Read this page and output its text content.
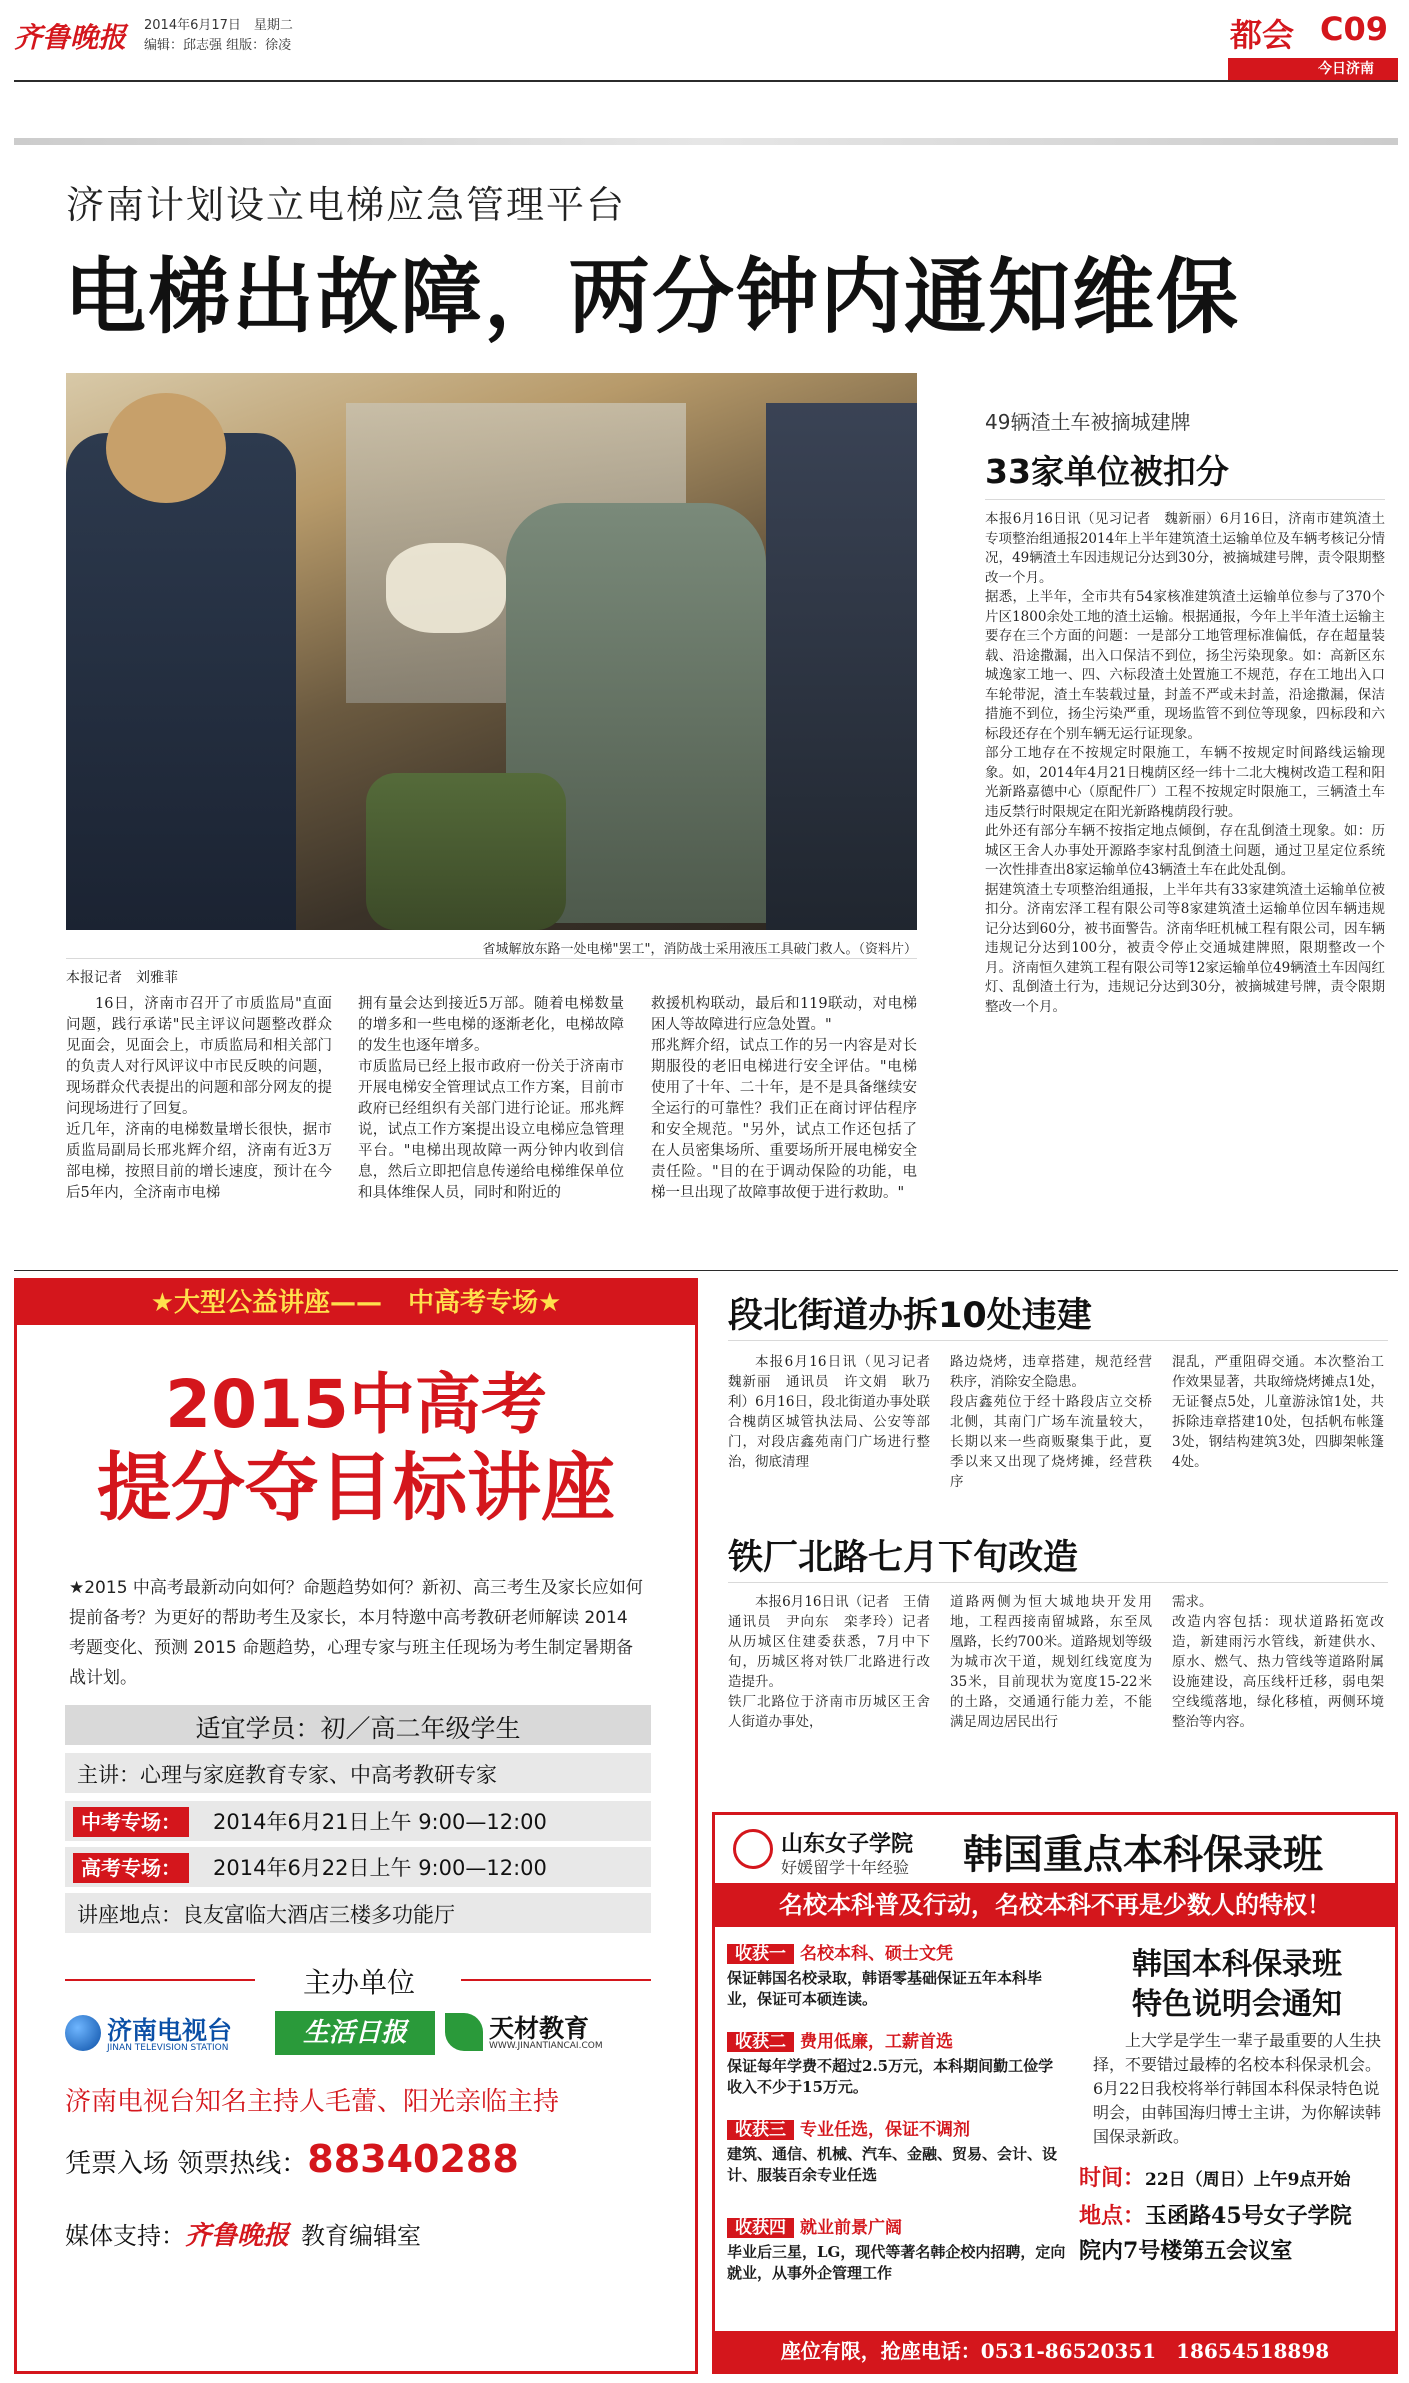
齐鲁晚报 2014年6月17日　 星期二
编辑：邱志强 组版：徐凌	都会 C09
今日济南
济南计划设立电梯应急管理平台
电梯出故障，两分钟内通知维保
省城解放东路一处电梯"罢工"，消防战士采用液压工具破门救人。（资料片）
本报记者　刘雅菲
16日，济南市召开了市质监局"直面问题，践行承诺"民主评议问题整改群众见面会，见面会上，市质监局和相关部门的负责人对行风评议中市民反映的问题，现场群众代表提出的问题和部分网友的提问现场进行了回复。
近几年，济南的电梯数量增长很快，据市质监局副局长邢兆辉介绍，济南有近3万部电梯，按照目前的增长速度，预计在今后5年内，全济南市电梯
拥有量会达到接近5万部。随着电梯数量的增多和一些电梯的逐渐老化，电梯故障的发生也逐年增多。
市质监局已经上报市政府一份关于济南市开展电梯安全管理试点工作方案，目前市政府已经组织有关部门进行论证。邢兆辉说，试点工作方案提出设立电梯应急管理平台。"电梯出现故障一两分钟内收到信息，然后立即把信息传递给电梯维保单位和具体维保人员，同时和附近的
救援机构联动，最后和119联动，对电梯困人等故障进行应急处置。"
邢兆辉介绍，试点工作的另一内容是对长期服役的老旧电梯进行安全评估。"电梯使用了十年、二十年，是不是具备继续安全运行的可靠性？我们正在商讨评估程序和安全规范。"另外，试点工作还包括了在人员密集场所、重要场所开展电梯安全责任险。"目的在于调动保险的功能，电梯一旦出现了故障事故便于进行救助。"
49辆渣土车被摘城建牌
33家单位被扣分
本报6月16日讯（见习记者　魏新丽）6月16日，济南市建筑渣土专项整治组通报2014年上半年建筑渣土运输单位及车辆考核记分情况，49辆渣土车因违规记分达到30分，被摘城建号牌，责令限期整改一个月。
据悉，上半年，全市共有54家核准建筑渣土运输单位参与了370个片区1800余处工地的渣土运输。根据通报，今年上半年渣土运输主要存在三个方面的问题：一是部分工地管理标准偏低，存在超量装载、沿途撒漏，出入口保洁不到位，扬尘污染现象。如：高新区东城逸家工地一、四、六标段渣土处置施工不规范，存在工地出入口车轮带泥，渣土车装载过量，封盖不严或未封盖，沿途撒漏，保洁措施不到位，扬尘污染严重，现场监管不到位等现象，四标段和六标段还存在个别车辆无运行证现象。
部分工地存在不按规定时限施工，车辆不按规定时间路线运输现象。如，2014年4月21日槐荫区经一纬十二北大槐树改造工程和阳光新路嘉德中心（原配件厂）工程不按规定时限施工，三辆渣土车违反禁行时限规定在阳光新路槐荫段行驶。
此外还有部分车辆不按指定地点倾倒，存在乱倒渣土现象。如：历城区王舍人办事处开源路李家村乱倒渣土问题，通过卫星定位系统一次性排查出8家运输单位43辆渣土车在此处乱倒。
据建筑渣土专项整治组通报，上半年共有33家建筑渣土运输单位被扣分。济南宏泽工程有限公司等8家建筑渣土运输单位因车辆违规记分达到60分，被书面警告。济南华旺机械工程有限公司，因车辆违规记分达到100分，被责令停止交通城建牌照，限期整改一个月。济南恒久建筑工程有限公司等12家运输单位49辆渣土车因闯红灯、乱倒渣土行为，违规记分达到30分，被摘城建号牌，责令限期整改一个月。
★大型公益讲座——　中高考专场★
2015中高考
提分夺目标讲座
★2015 中高考最新动向如何？命题趋势如何？新初、高三考生及家长应如何提前备考？为更好的帮助考生及家长，本月特邀中高考教研老师解读 2014 考题变化、预测 2015 命题趋势，心理专家与班主任现场为考生制定暑期备战计划。
适宜学员：初／高二年级学生
主讲：心理与家庭教育专家、中高考教研专家
中考专场：	2014年6月21日上午 9:00—12:00
高考专场：	2014年6月22日上午 9:00—12:00
讲座地点：良友富临大酒店三楼多功能厅
主办单位
济南电视台
JINAN TELEVISION STATION	生活日报	天材教育
WWW.JINANTIANCAI.COM
济南电视台知名主持人毛蕾、阳光亲临主持
凭票入场 领票热线：88340288
媒体支持：齐鲁晚报 教育编辑室
段北街道办拆10处违建
本报6月16日讯（见习记者　魏新丽　通讯员　许文娟　耿乃利）6月16日，段北街道办事处联合槐荫区城管执法局、公安等部门，对段店鑫苑南门广场进行整治，彻底清理
路边烧烤，违章搭建，规范经营秩序，消除安全隐患。
段店鑫苑位于经十路段店立交桥北侧，其南门广场车流量较大，长期以来一些商贩聚集于此，夏季以来又出现了烧烤摊，经营秩序
混乱，严重阻碍交通。本次整治工作效果显著，共取缔烧烤摊点1处，无证餐点5处，儿童游泳馆1处，共拆除违章搭建10处，包括帆布帐篷3处，钢结构建筑3处，四脚架帐篷4处。
铁厂北路七月下旬改造
本报6月16日讯（记者　王倩　通讯员　尹向东　栾孝玲）记者从历城区住建委获悉，7月中下旬，历城区将对铁厂北路进行改造提升。
铁厂北路位于济南市历城区王舍人街道办事处，
道路两侧为恒大城地块开发用地，工程西接南留城路，东至凤凰路，长约700米。道路规划等级为城市次干道，规划红线宽度为35米，目前现状为宽度15-22米的土路，交通通行能力差，不能满足周边居民出行
需求。
改造内容包括：现状道路拓宽改造，新建雨污水管线，新建供水、原水、燃气、热力管线等道路附属设施建设，高压线杆迁移，弱电架空线缆落地，绿化移植，两侧环境整治等内容。
山东女子学院
好媛留学十年经验 韩国重点本科保录班
名校本科普及行动，名校本科不再是少数人的特权！
收获一 名校本科、硕士文凭
保证韩国名校录取，韩语零基础保证五年本科毕业，保证可本硕连读。
收获二 费用低廉，工薪首选
保证每年学费不超过2.5万元，本科期间勤工俭学收入不少于15万元。
收获三 专业任选，保证不调剂
建筑、通信、机械、汽车、金融、贸易、会计、设计、服装百余专业任选
收获四 就业前景广阔
毕业后三星，LG，现代等著名韩企校内招聘，定向就业，从事外企管理工作
韩国本科保录班
特色说明会通知
上大学是学生一辈子最重要的人生抉择，不要错过最棒的名校本科保录机会。6月22日我校将举行韩国本科保录特色说明会，由韩国海归博士主讲，为你解读韩国保录新政。
时间：22日（周日）上午9点开始
地点：玉函路45号女子学院
院内7号楼第五会议室
座位有限，抢座电话：0531-86520351　18654518898
